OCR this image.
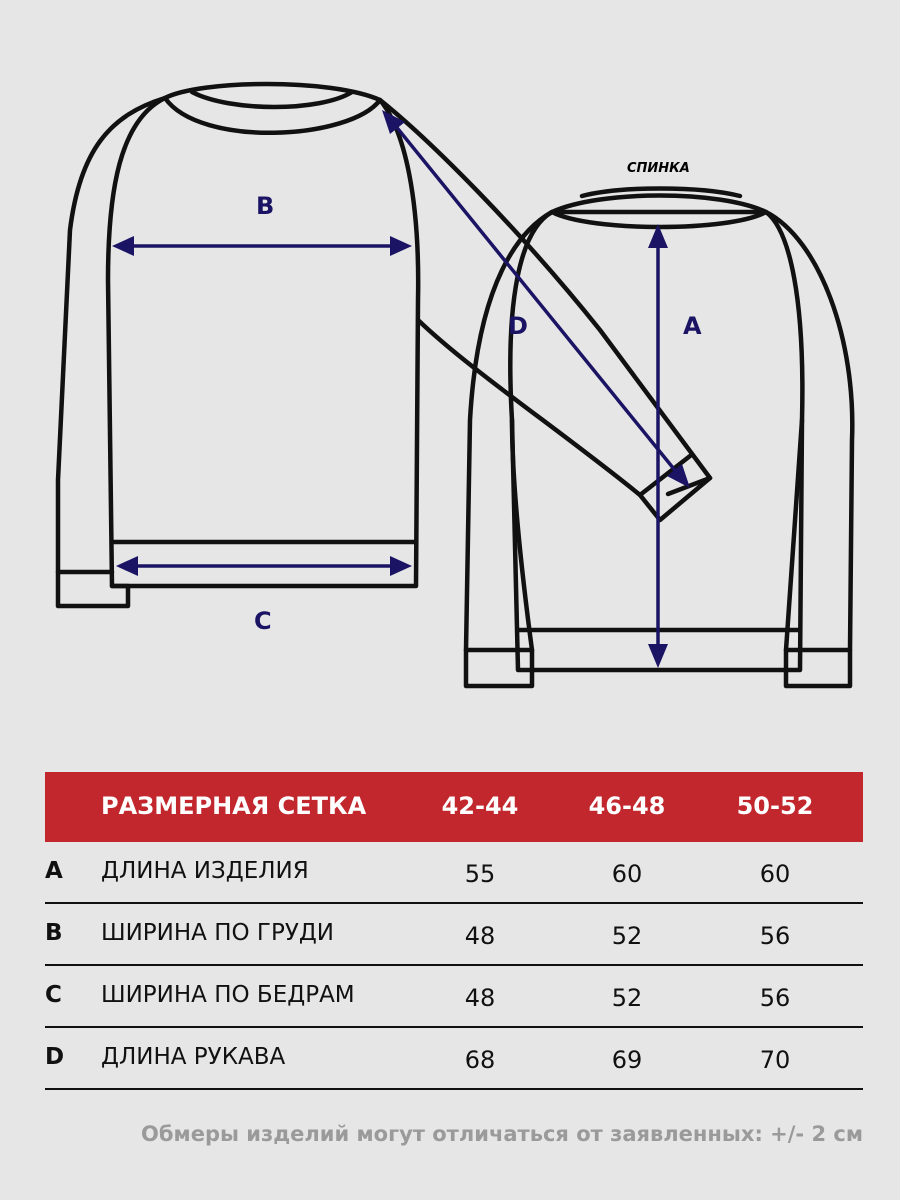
B
C
D	A
СПИНКА
РАЗМЕРНАЯ СЕТКА	42-44	46-48	50-52
A ДЛИНА ИЗДЕЛИЯ	55	60	60
B ШИРИНА ПО ГРУДИ	48	52	56
C ШИРИНА ПО БЕДРАМ	48	52	56
D ДЛИНА РУКАВА	68	69	70
Обмеры изделий могут отличаться от заявленных: +/- 2 см
